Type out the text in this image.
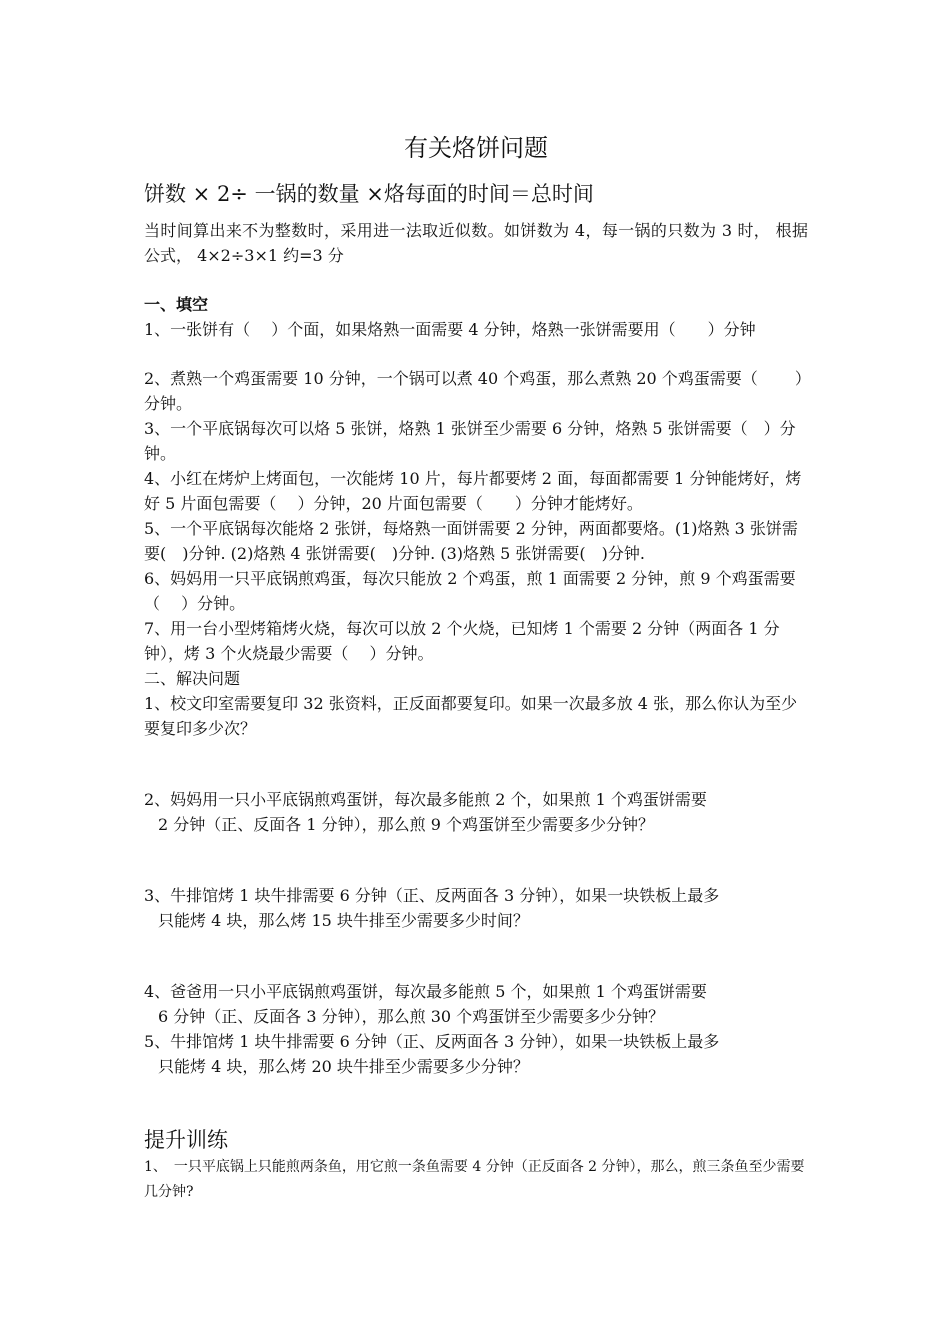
有关烙饼问题
饼数 × 2÷ 一锅的数量 ×烙每面的时间＝总时间

当时间算出来不为整数时，采用进一法取近似数。如饼数为 4，每一锅的只数为 3 时， 根据公式， 4×2÷3×1 约=3 分

一、填空

1、一张饼有（　 ）个面，如果烙熟一面需要 4 分钟，烙熟一张饼需要用（　　）分钟

2、煮熟一个鸡蛋需要 10 分钟，一个锅可以煮 40 个鸡蛋，那么煮熟 20 个鸡蛋需要（　　 ）分钟。

3、一个平底锅每次可以烙 5 张饼，烙熟 1 张饼至少需要 6 分钟，烙熟 5 张饼需要（　）分钟。

4、小红在烤炉上烤面包，一次能烤 10 片，每片都要烤 2 面，每面都需要 1 分钟能烤好，烤好 5 片面包需要（　 ）分钟，20 片面包需要（　　）分钟才能烤好。

5、一个平底锅每次能烙 2 张饼，每烙熟一面饼需要 2 分钟，两面都要烙。(1)烙熟 3 张饼需要(　)分钟. (2)烙熟 4 张饼需要(　)分钟. (3)烙熟 5 张饼需要(　)分钟.

6、妈妈用一只平底锅煎鸡蛋，每次只能放 2 个鸡蛋，煎 1 面需要 2 分钟，煎 9 个鸡蛋需要（　 ）分钟。

7、用一台小型烤箱烤火烧，每次可以放 2 个火烧，已知烤 1 个需要 2 分钟（两面各 1 分钟），烤 3 个火烧最少需要（　 ）分钟。

二、解决问题

1、校文印室需要复印 32 张资料，正反面都要复印。如果一次最多放 4 张，那么你认为至少要复印多少次？

2、妈妈用一只小平底锅煎鸡蛋饼，每次最多能煎 2 个，如果煎 1 个鸡蛋饼需要
2 分钟（正、反面各 1 分钟），那么煎 9 个鸡蛋饼至少需要多少分钟？

3、牛排馆烤 1 块牛排需要 6 分钟（正、反两面各 3 分钟），如果一块铁板上最多
只能烤 4 块，那么烤 15 块牛排至少需要多少时间？

4、爸爸用一只小平底锅煎鸡蛋饼，每次最多能煎 5 个，如果煎 1 个鸡蛋饼需要
6 分钟（正、反面各 3 分钟），那么煎 30 个鸡蛋饼至少需要多少分钟？

5、牛排馆烤 1 块牛排需要 6 分钟（正、反两面各 3 分钟），如果一块铁板上最多
只能烤 4 块，那么烤 20 块牛排至少需要多少分钟？

提升训练

1、　一只平底锅上只能煎两条鱼，用它煎一条鱼需要 4 分钟（正反面各 2 分钟），那么，煎三条鱼至少需要几分钟?
